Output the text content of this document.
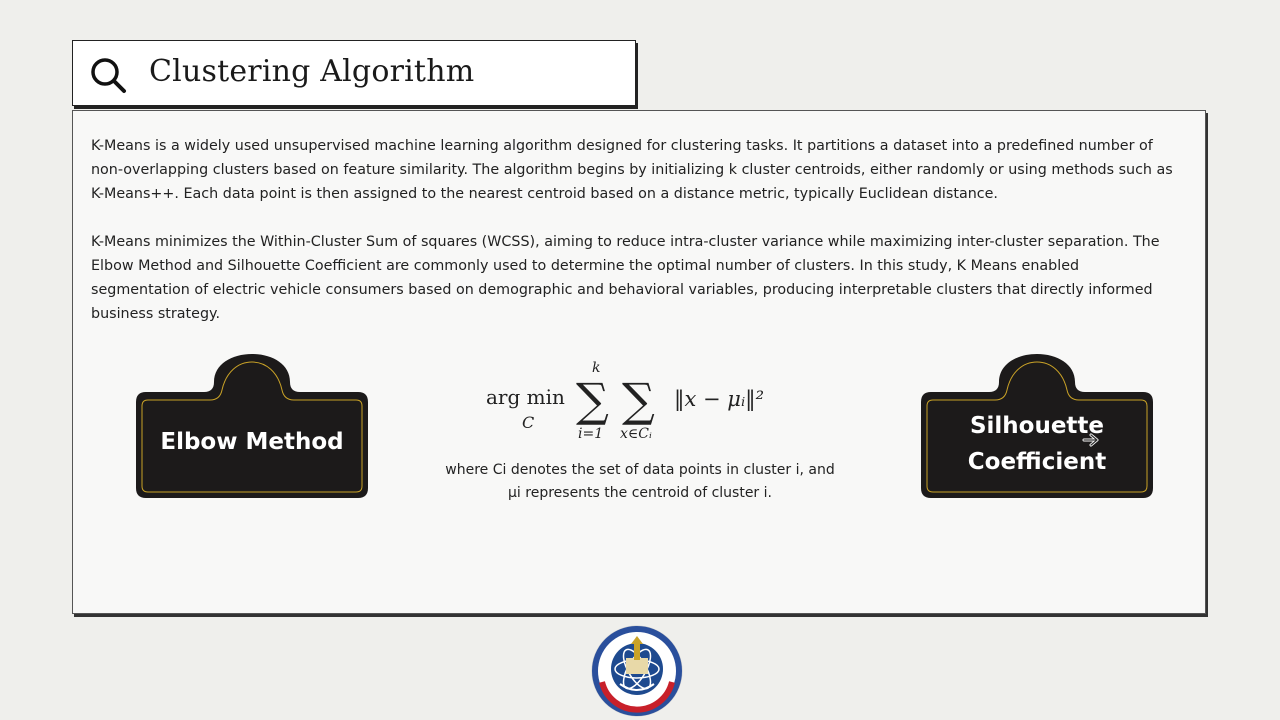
Clustering Algorithm

K-Means is a widely used unsupervised machine learning algorithm designed for clustering tasks. It partitions a dataset into a predefined number of non-overlapping clusters based on feature similarity. The algorithm begins by initializing k cluster centroids, either randomly or using methods such as K-Means++. Each data point is then assigned to the nearest centroid based on a distance metric, typically Euclidean distance.

K-Means minimizes the Within-Cluster Sum of squares (WCSS), aiming to reduce intra-cluster variance while maximizing inter-cluster separation. The Elbow Method and Silhouette Coefficient are commonly used to determine the optimal number of clusters. In this study, K Means enabled segmentation of electric vehicle consumers based on demographic and behavioral variables, producing interpretable clusters that directly informed business strategy.

Elbow Method
arg min
C
k
∑
i=1
∑
x∈Cᵢ
‖x − μᵢ‖²
where Ci denotes the set of data points in cluster i, and
μi represents the centroid of cluster i.
Silhouette
Coefficient
